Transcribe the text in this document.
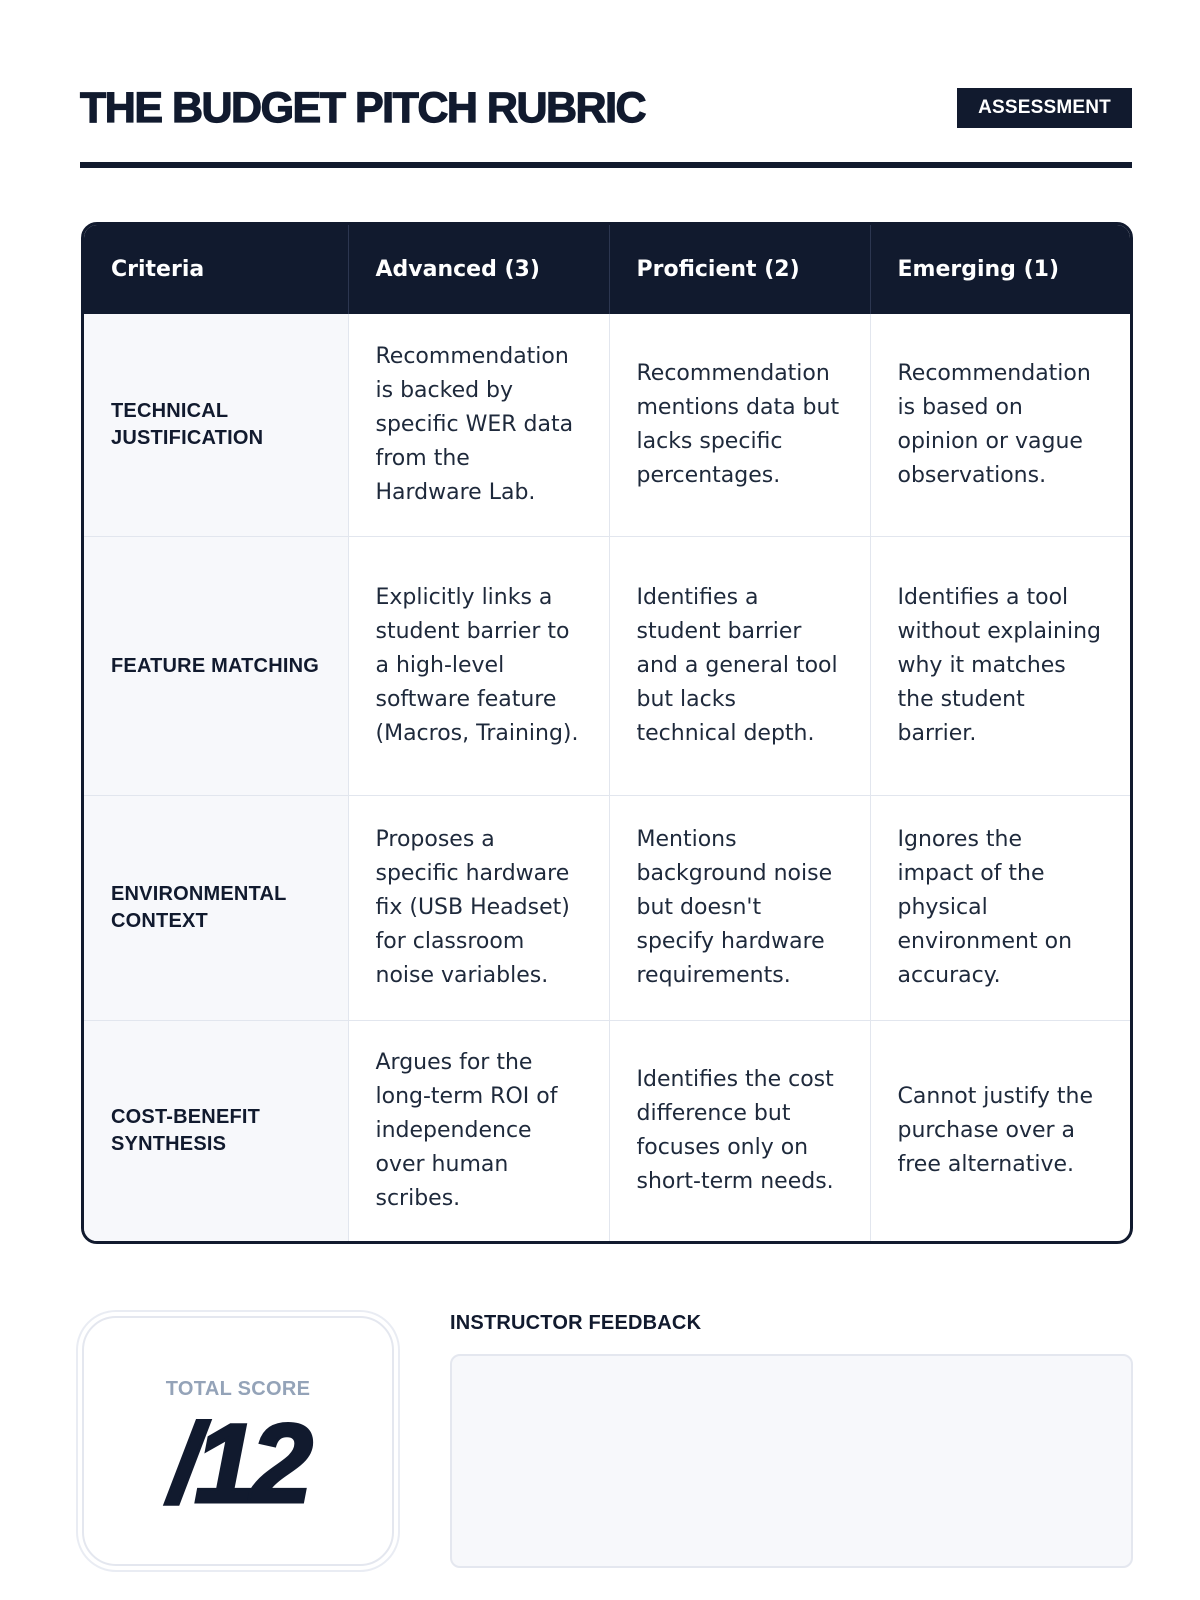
THE BUDGET PITCH RUBRIC	ASSESSMENT
Criteria	Advanced (3)	Proficient (2)	Emerging (1)
TECHNICAL JUSTIFICATION	Recommendation is backed by specific WER data from the Hardware Lab.	Recommendation mentions data but lacks specific percentages.	Recommendation is based on opinion or vague observations.
FEATURE MATCHING	Explicitly links a student barrier to a high-level software feature (Macros, Training).	Identifies a student barrier and a general tool but lacks technical depth.	Identifies a tool without explaining why it matches the student barrier.
ENVIRONMENTAL CONTEXT	Proposes a specific hardware fix (USB Headset) for classroom noise variables.	Mentions background noise but doesn't specify hardware requirements.	Ignores the impact of the physical environment on accuracy.
COST-BENEFIT SYNTHESIS	Argues for the long-term ROI of independence over human scribes.	Identifies the cost difference but focuses only on short-term needs.	Cannot justify the purchase over a free alternative.
TOTAL SCORE
/12
INSTRUCTOR FEEDBACK
